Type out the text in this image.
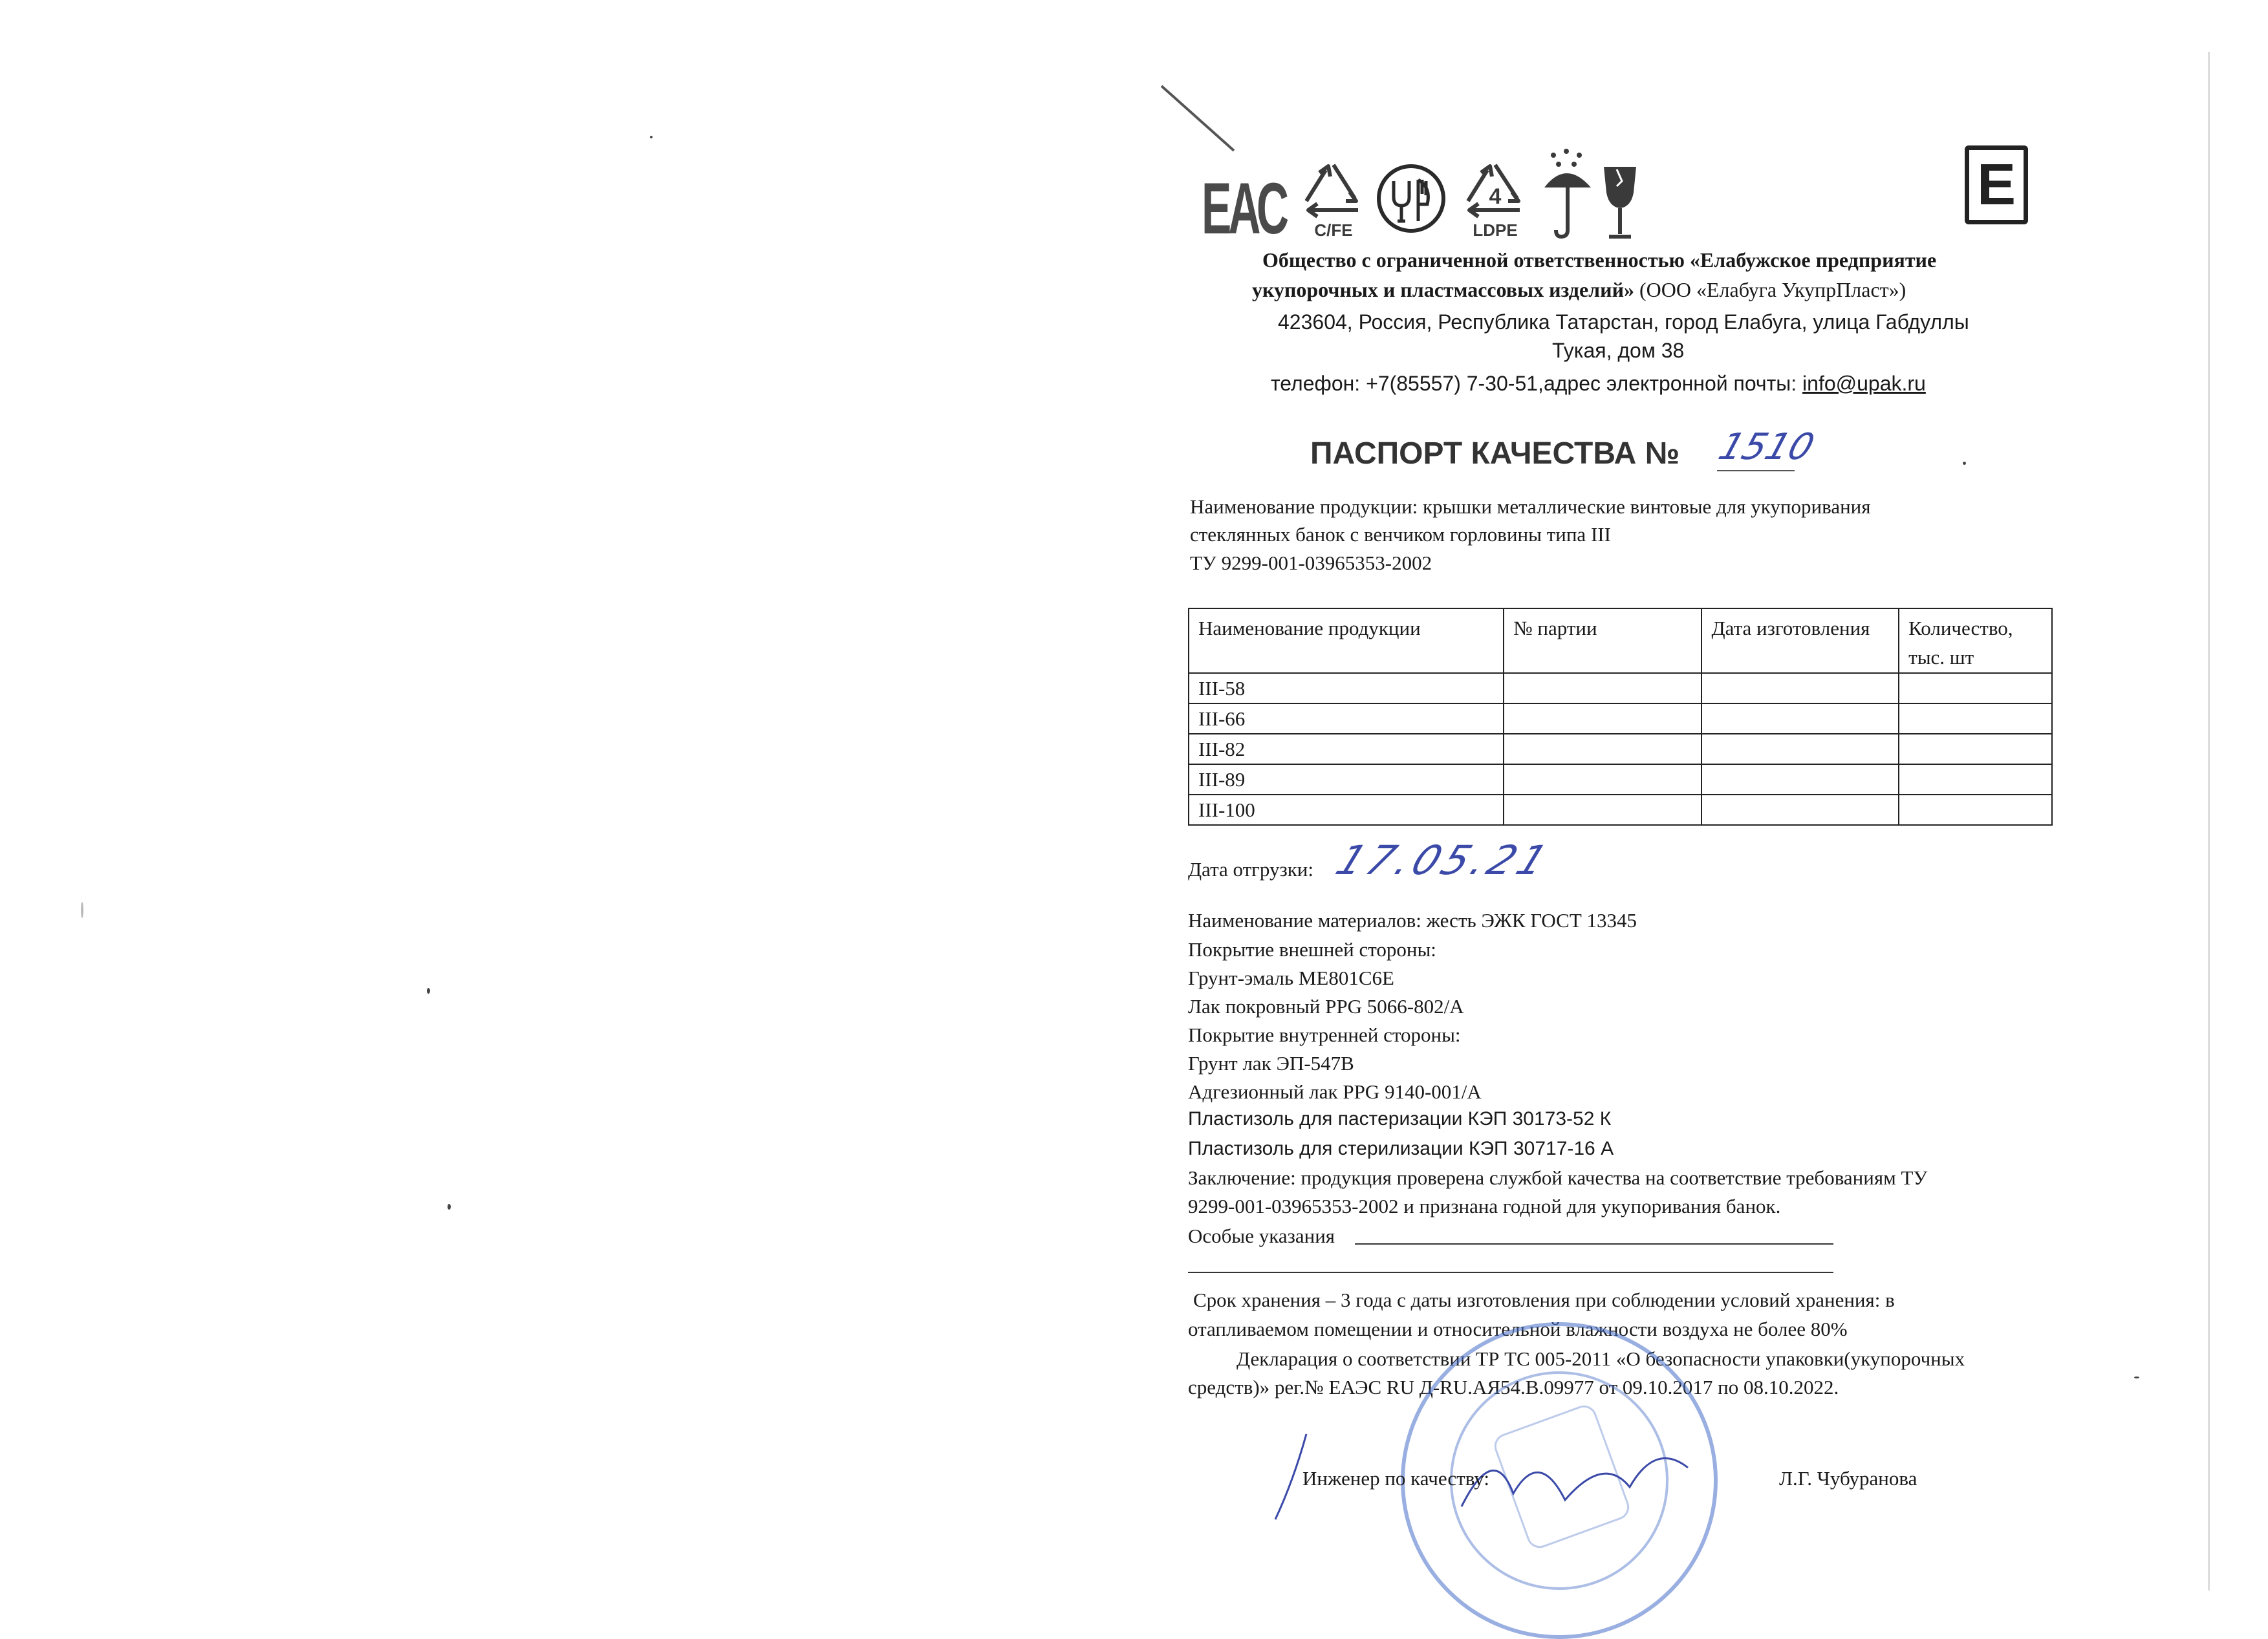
ЕАС C/FE
4
LDPE
E
Общество с ограниченной ответственностью «Елабужское предприятие
укупорочных и пластмассовых изделий» (ООО «Елабуга УкупрПласт»)
423604, Россия, Республика Татарстан, город Елабуга, улица Габдуллы
Тукая, дом 38
телефон: +7(85557) 7-30-51,адрес электронной почты: info@upak.ru
ПАСПОРТ КАЧЕСТВА № 1510
Наименование продукции: крышки металлические винтовые для укупоривания
стеклянных банок с венчиком горловины типа III
ТУ 9299-001-03965353-2002
Наименование продукции	№ партии	Дата изготовления	Количество, тыс. шт
III-58			
III-66			
III-82			
III-89			
III-100			
Дата отгрузки: 17.05.21
Наименование материалов: жесть ЭЖК ГОСТ 13345
Покрытие внешней стороны:
Грунт-эмаль МЕ801С6Е
Лак покровный PPG 5066-802/А
Покрытие внутренней стороны:
Грунт лак ЭП-547В
Адгезионный лак PPG 9140-001/А
Пластизоль для пастеризации КЭП 30173-52 К
Пластизоль для стерилизации КЭП 30717-16 А
Заключение: продукция проверена службой качества на соответствие требованиям ТУ
9299-001-03965353-2002 и признана годной для укупоривания банок.
Особые указания
Срок хранения – 3 года с даты изготовления при соблюдении условий хранения: в
отапливаемом помещении и относительной влажности воздуха не более 80%
Декларация о соответствии ТР ТС 005-2011 «О безопасности упаковки(укупорочных
средств)» рег.№ ЕАЭС RU Д-RU.АЯ54.В.09977 от 09.10.2017 по 08.10.2022.
Инженер по качеству:	Л.Г. Чубуранова
